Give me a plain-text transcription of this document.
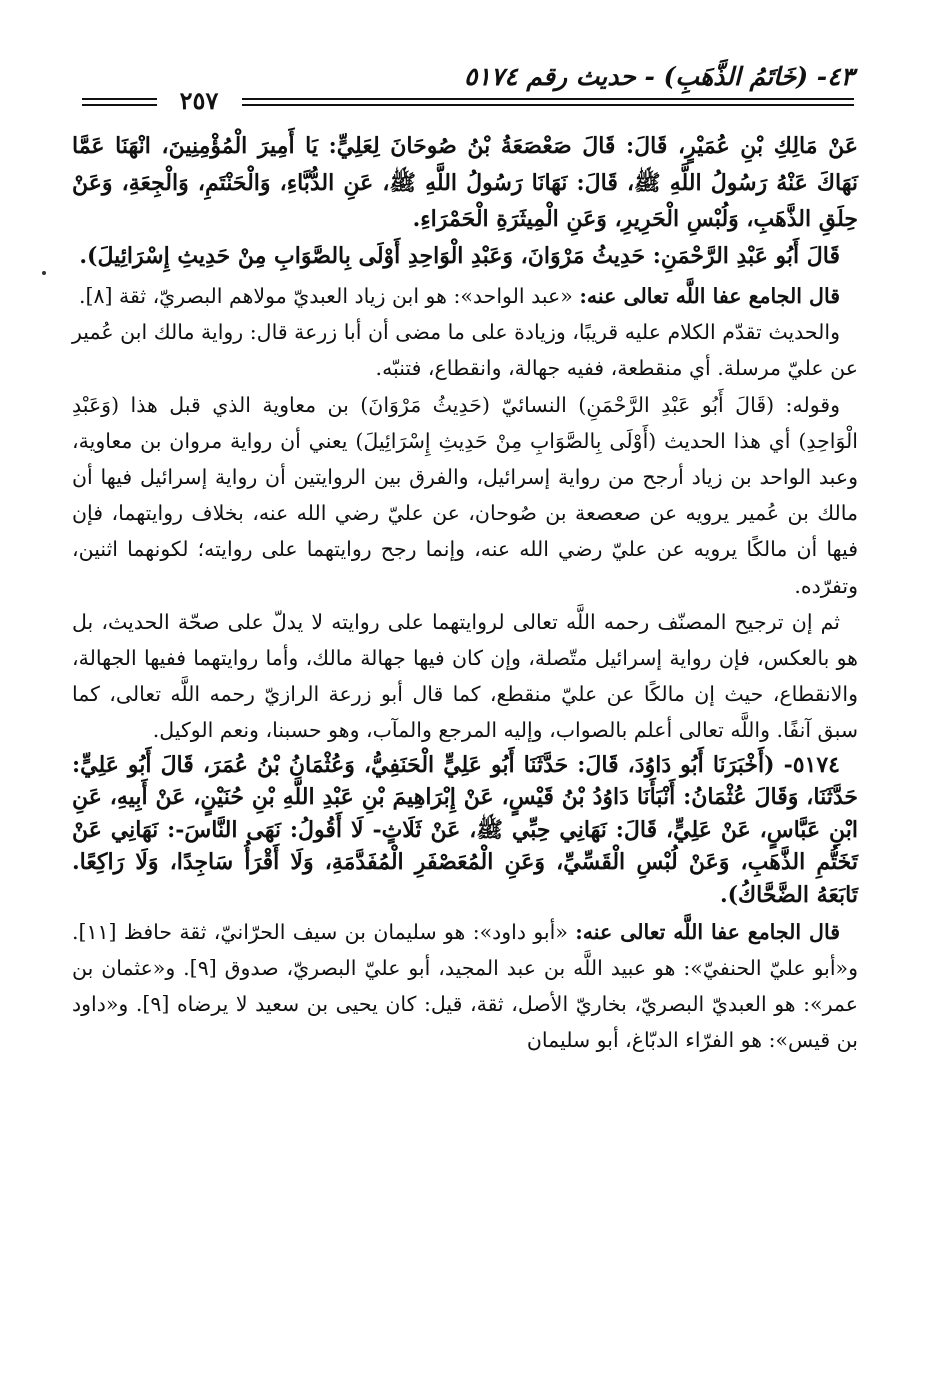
٤٣- (خَاتَمُ الذَّهَبِ) - حديث رقم ٥١٧٤
٢٥٧

عَنْ مَالِكِ بْنِ عُمَيْرٍ، قَالَ: قَالَ صَعْصَعَةُ بْنُ صُوحَانَ لِعَلِيٍّ: يَا أَمِيرَ الْمُؤْمِنِينَ، انْهَنَا عَمَّا نَهَاكَ عَنْهُ رَسُولُ اللَّهِ ﷺ، قَالَ: نَهَانَا رَسُولُ اللَّهِ ﷺ، عَنِ الدُّبَّاءِ، وَالْحَنْتَمِ، وَالْجِعَةِ، وَعَنْ حِلَقِ الذَّهَبِ، وَلُبْسِ الْحَرِيرِ، وَعَنِ الْمِيثَرَةِ الْحَمْرَاءِ.

قَالَ أَبُو عَبْدِ الرَّحْمَنِ: حَدِيثُ مَرْوَانَ، وَعَبْدِ الْوَاحِدِ أَوْلَى بِالصَّوَابِ مِنْ حَدِيثِ إِسْرَائِيلَ).

قال الجامع عفا اللَّه تعالى عنه: «عبد الواحد»: هو ابن زياد العبديّ مولاهم البصريّ، ثقة [٨].

والحديث تقدّم الكلام عليه قريبًا، وزيادة على ما مضى أن أبا زرعة قال: رواية مالك ابن عُمير عن عليّ مرسلة. أي منقطعة، ففيه جهالة، وانقطاع، فتنبّه.

وقوله: (قَالَ أَبُو عَبْدِ الرَّحْمَنِ) النسائيّ (حَدِيثُ مَرْوَانَ) بن معاوية الذي قبل هذا (وَعَبْدِ الْوَاحِدِ) أي هذا الحديث (أَوْلَى بِالصَّوَابِ مِنْ حَدِيثِ إِسْرَائِيلَ) يعني أن رواية مروان بن معاوية، وعبد الواحد بن زياد أرجح من رواية إسرائيل، والفرق بين الروايتين أن رواية إسرائيل فيها أن مالك بن عُمير يرويه عن صعصعة بن صُوحان، عن عليّ رضي الله عنه، بخلاف روايتهما، فإن فيها أن مالكًا يرويه عن عليّ رضي الله عنه، وإنما رجح روايتهما على روايته؛ لكونهما اثنين، وتفرّده.

ثم إن ترجيح المصنّف رحمه اللَّه تعالى لروايتهما على روايته لا يدلّ على صحّة الحديث، بل هو بالعكس، فإن رواية إسرائيل متّصلة، وإن كان فيها جهالة مالك، وأما روايتهما ففيها الجهالة، والانقطاع، حيث إن مالكًا عن عليّ منقطع، كما قال أبو زرعة الرازيّ رحمه اللَّه تعالى، كما سبق آنفًا. واللَّه تعالى أعلم بالصواب، وإليه المرجع والمآب، وهو حسبنا، ونعم الوكيل.

٥١٧٤- (أَخْبَرَنَا أَبُو دَاوُدَ، قَالَ: حَدَّثَنَا أَبُو عَلِيٍّ الْحَنَفِيُّ، وَعُثْمَانُ بْنُ عُمَرَ، قَالَ أَبُو عَلِيٍّ: حَدَّثَنَا، وَقَالَ عُثْمَانُ: أَنْبَأَنَا دَاوُدُ بْنُ قَيْسٍ، عَنْ إِبْرَاهِيمَ بْنِ عَبْدِ اللَّهِ بْنِ حُنَيْنٍ، عَنْ أَبِيهِ، عَنِ ابْنِ عَبَّاسٍ، عَنْ عَلِيٍّ، قَالَ: نَهَانِي حِبِّي ﷺ، عَنْ ثَلَاثٍ- لَا أَقُولُ: نَهَى النَّاسَ-: نَهَانِي عَنْ تَخَتُّمِ الذَّهَبِ، وَعَنْ لُبْسِ الْقَسِّيِّ، وَعَنِ الْمُعَصْفَرِ الْمُفَدَّمَةِ، وَلَا أَقْرَأُ سَاجِدًا، وَلَا رَاكِعًا. تَابَعَهُ الضَّحَّاكُ).

قال الجامع عفا اللَّه تعالى عنه: «أبو داود»: هو سليمان بن سيف الحرّانيّ، ثقة حافظ [١١]. و«أبو عليّ الحنفيّ»: هو عبيد اللَّه بن عبد المجيد، أبو عليّ البصريّ، صدوق [٩]. و«عثمان بن عمر»: هو العبديّ البصريّ، بخاريّ الأصل، ثقة، قيل: كان يحيى بن سعيد لا يرضاه [٩]. و«داود بن قيس»: هو الفرّاء الدبّاغ، أبو سليمان
